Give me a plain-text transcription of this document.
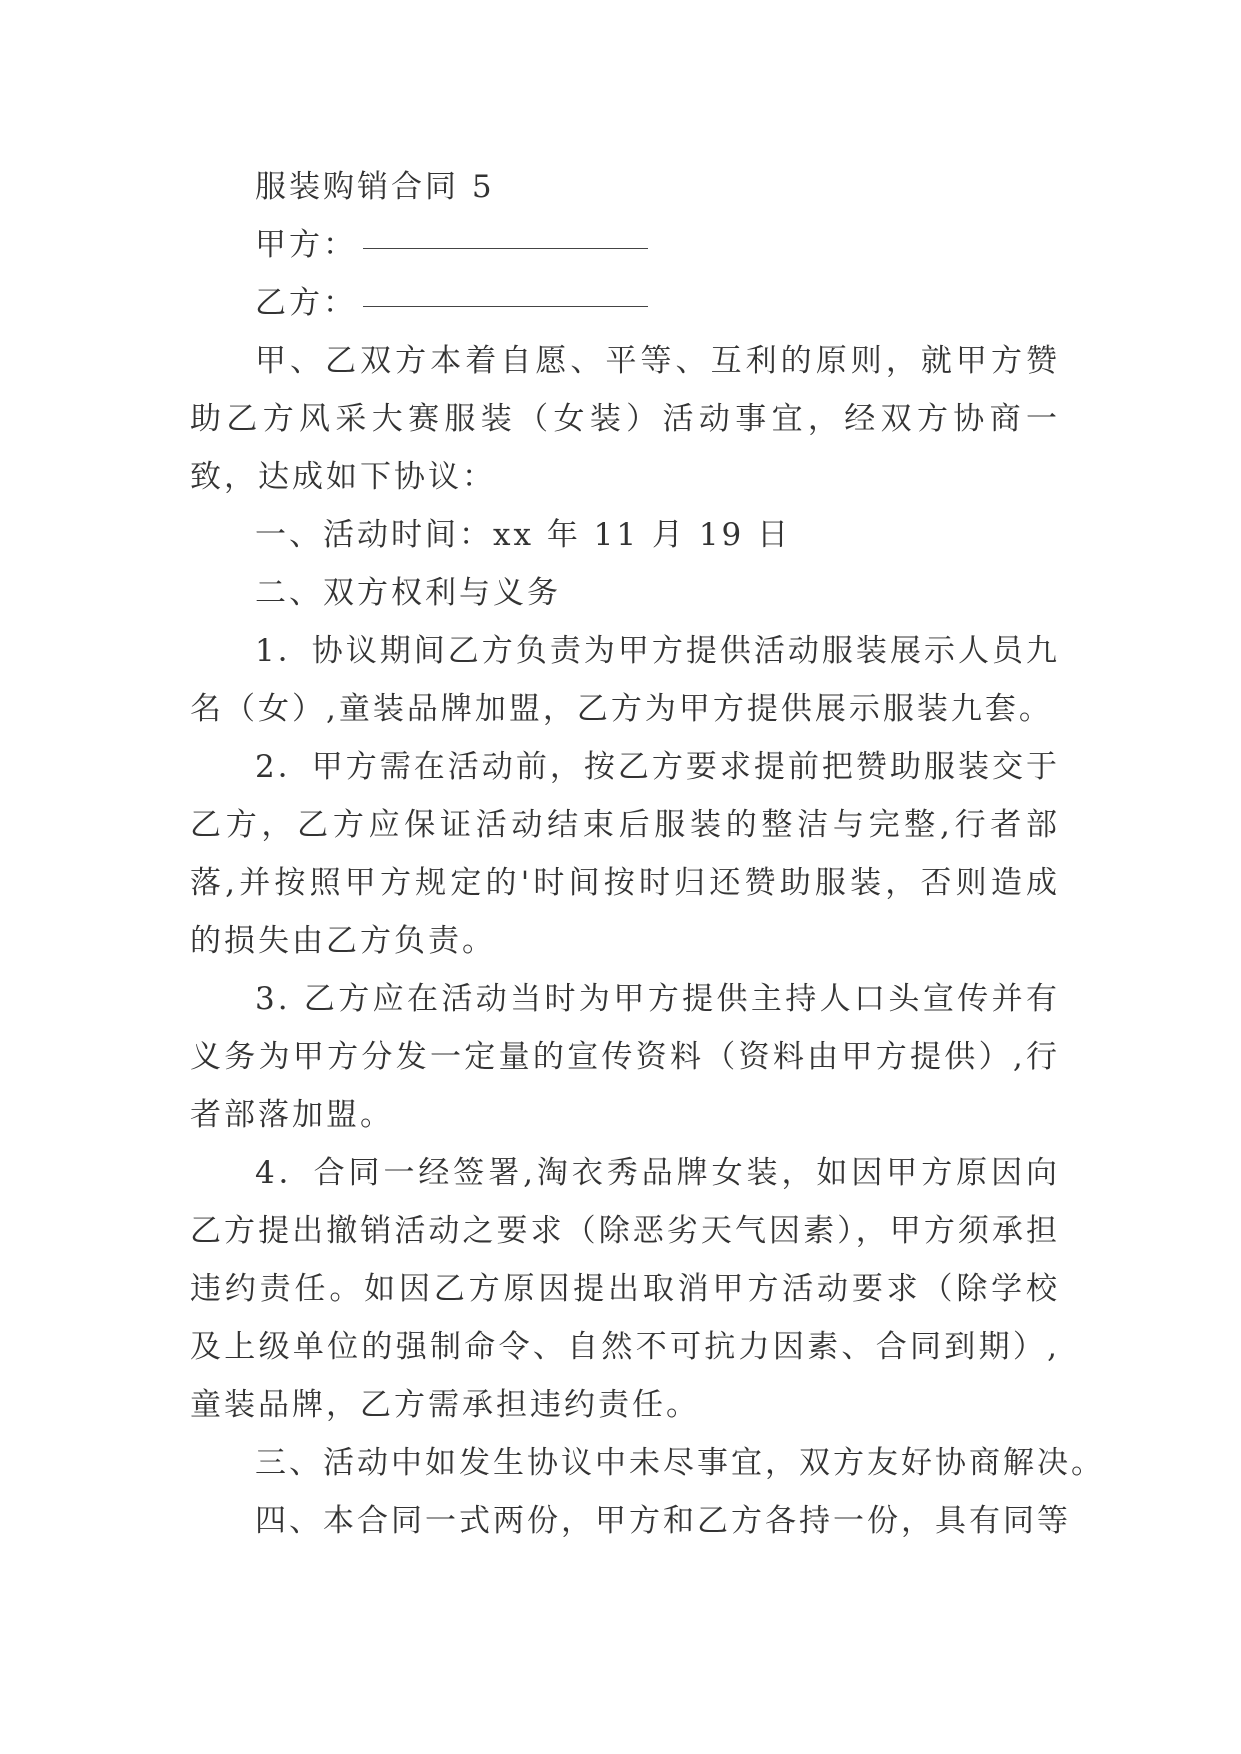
服装购销合同 5

甲方：

乙方：

甲、乙双方本着自愿、平等、互利的原则，就甲方赞助乙方风采大赛服装（女装）活动事宜，经双方协商一致，达成如下协议：

一、活动时间：xx 年 11 月 19 日

二、双方权利与义务

1．协议期间乙方负责为甲方提供活动服装展示人员九名（女）,童装品牌加盟，乙方为甲方提供展示服装九套。

2．甲方需在活动前，按乙方要求提前把赞助服装交于乙方，乙方应保证活动结束后服装的整洁与完整,行者部落,并按照甲方规定的'时间按时归还赞助服装，否则造成的损失由乙方负责。

3. 乙方应在活动当时为甲方提供主持人口头宣传并有义务为甲方分发一定量的宣传资料（资料由甲方提供）,行者部落加盟。

4．合同一经签署,淘衣秀品牌女装，如因甲方原因向乙方提出撤销活动之要求（除恶劣天气因素），甲方须承担违约责任。如因乙方原因提出取消甲方活动要求（除学校及上级单位的强制命令、自然不可抗力因素、合同到期）,童装品牌，乙方需承担违约责任。

三、活动中如发生协议中未尽事宜，双方友好协商解决。

四、本合同一式两份，甲方和乙方各持一份，具有同等
